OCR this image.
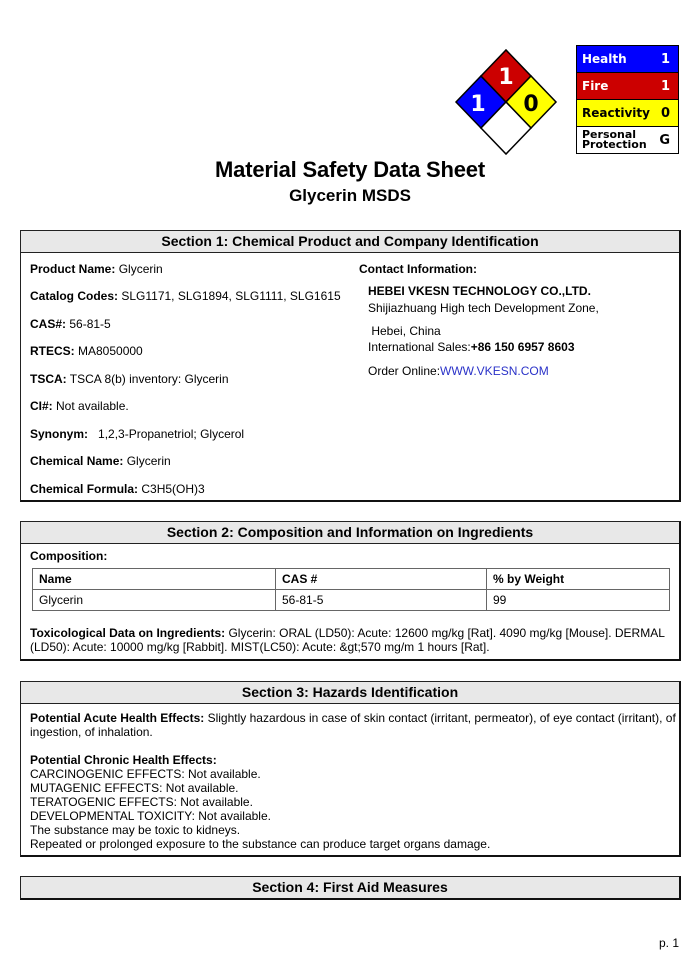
1
1
0
Health	1
Fire	1
Reactivity 0
Personal
Protection G
Material Safety Data Sheet
Glycerin MSDS
Section 1: Chemical Product and Company Identification
Product Name: Glycerin
Catalog Codes: SLG1171, SLG1894, SLG1111, SLG1615
CAS#: 56-81-5
RTECS: MA8050000
TSCA: TSCA 8(b) inventory: Glycerin
CI#: Not available.
Synonym:   1,2,3-Propanetriol; Glycerol
Chemical Name: Glycerin
Chemical Formula: C3H5(OH)3
Contact Information:
HEBEI VKESN TECHNOLOGY CO.,LTD.
Shijiazhuang High tech Development Zone,
Hebei, China
International Sales:+86 150 6957 8603
Order Online:WWW.VKESN.COM
Section 2: Composition and Information on Ingredients
Composition:
Name	CAS #	% by Weight
Glycerin	56-81-5	99
Toxicological Data on Ingredients: Glycerin: ORAL (LD50): Acute: 12600 mg/kg [Rat]. 4090 mg/kg [Mouse]. DERMAL
(LD50): Acute: 10000 mg/kg [Rabbit]. MIST(LC50): Acute: &gt;570 mg/m 1 hours [Rat].
Section 3: Hazards Identification
Potential Acute Health Effects: Slightly hazardous in case of skin contact (irritant, permeator), of eye contact (irritant), of
ingestion, of inhalation.
Potential Chronic Health Effects:
CARCINOGENIC EFFECTS: Not available.
MUTAGENIC EFFECTS: Not available.
TERATOGENIC EFFECTS: Not available.
DEVELOPMENTAL TOXICITY: Not available.
The substance may be toxic to kidneys.
Repeated or prolonged exposure to the substance can produce target organs damage.
Section 4: First Aid Measures
p. 1
